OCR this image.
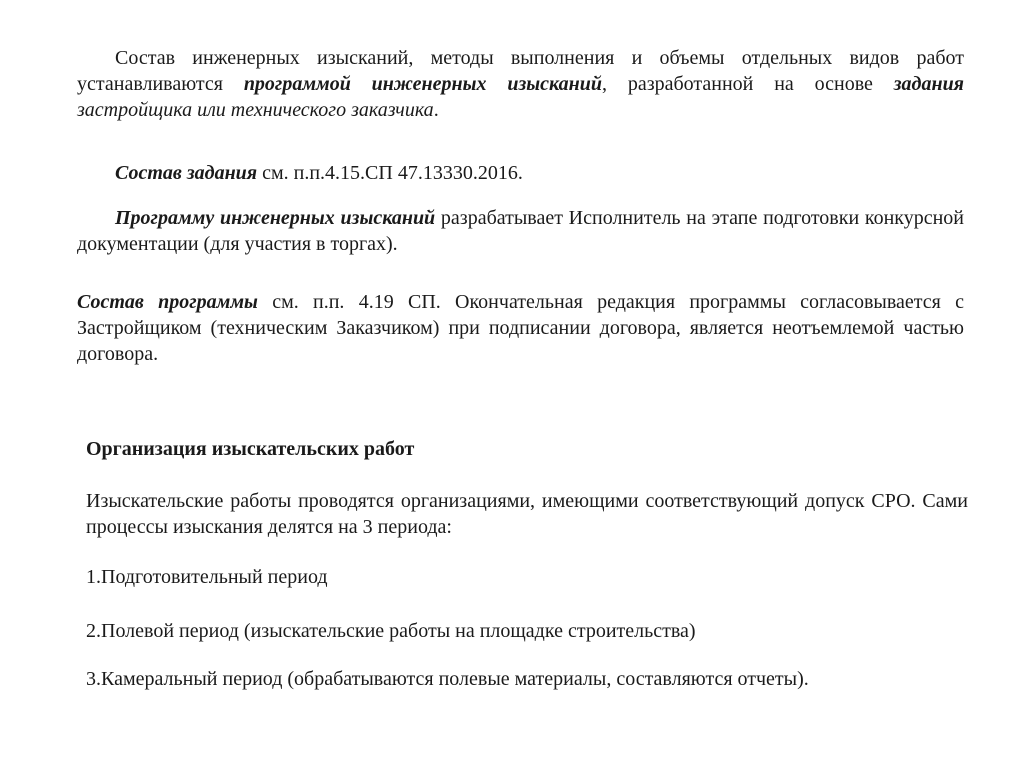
Состав инженерных изысканий, методы выполнения и объемы отдельных видов работ устанавливаются программой инженерных изысканий, разработанной на основе задания застройщика или технического заказчика.

Состав задания см. п.п.4.15.СП 47.13330.2016.

Программу инженерных изысканий разрабатывает Исполнитель на этапе подготовки конкурсной документации (для участия в торгах).

Состав программы см. п.п. 4.19 СП. Окончательная редакция программы согласовывается с Застройщиком (техническим Заказчиком) при подписании договора, является неотъемлемой частью договора.

Организация изыскательских работ

Изыскательские работы проводятся организациями, имеющими соответствующий допуск СРО. Сами процессы изыскания делятся на 3 периода:

1.Подготовительный период

2.Полевой период (изыскательские работы на площадке строительства)

3.Камеральный период (обрабатываются полевые материалы, составляются отчеты).
